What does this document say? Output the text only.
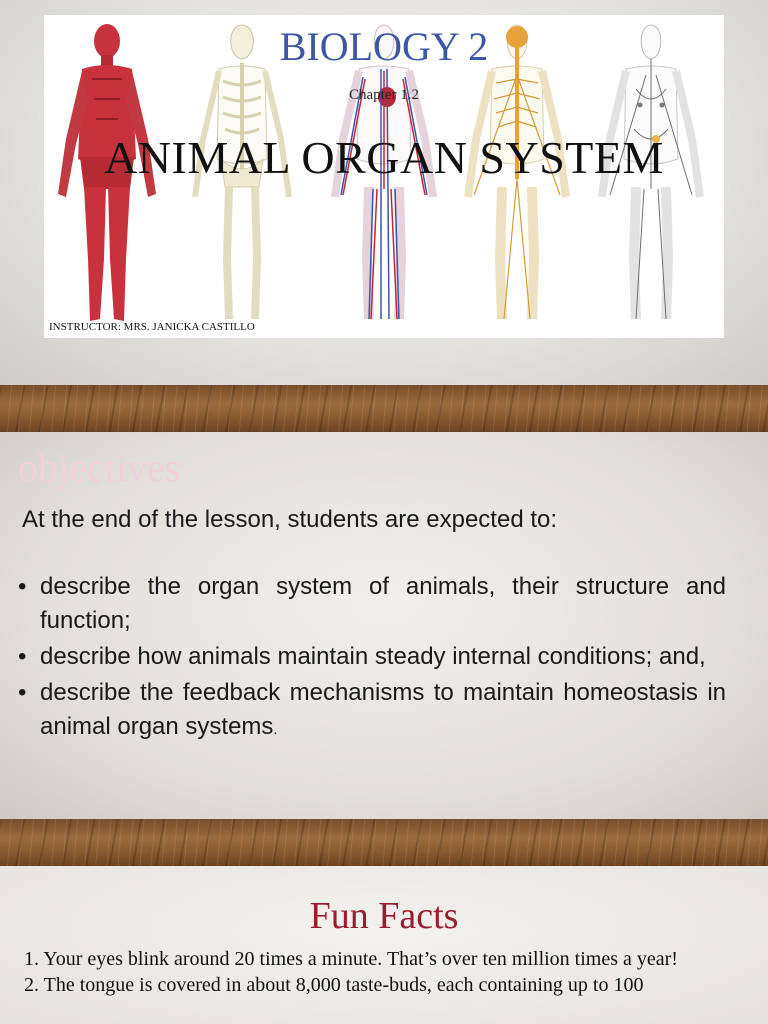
BIOLOGY 2
Chapter 1.2
ANIMAL ORGAN SYSTEM
INSTRUCTOR: MRS. JANICKA CASTILLO
objectives
At the end of the lesson, students are expected to:
• describe the organ system of animals, their structure and function;
• describe how animals maintain steady internal conditions; and,
• describe the feedback mechanisms to maintain homeostasis in animal organ systems.
Fun Facts
1. Your eyes blink around 20 times a minute. That’s over ten million times a year!
2. The tongue is covered in about 8,000 taste-buds, each containing up to 100
